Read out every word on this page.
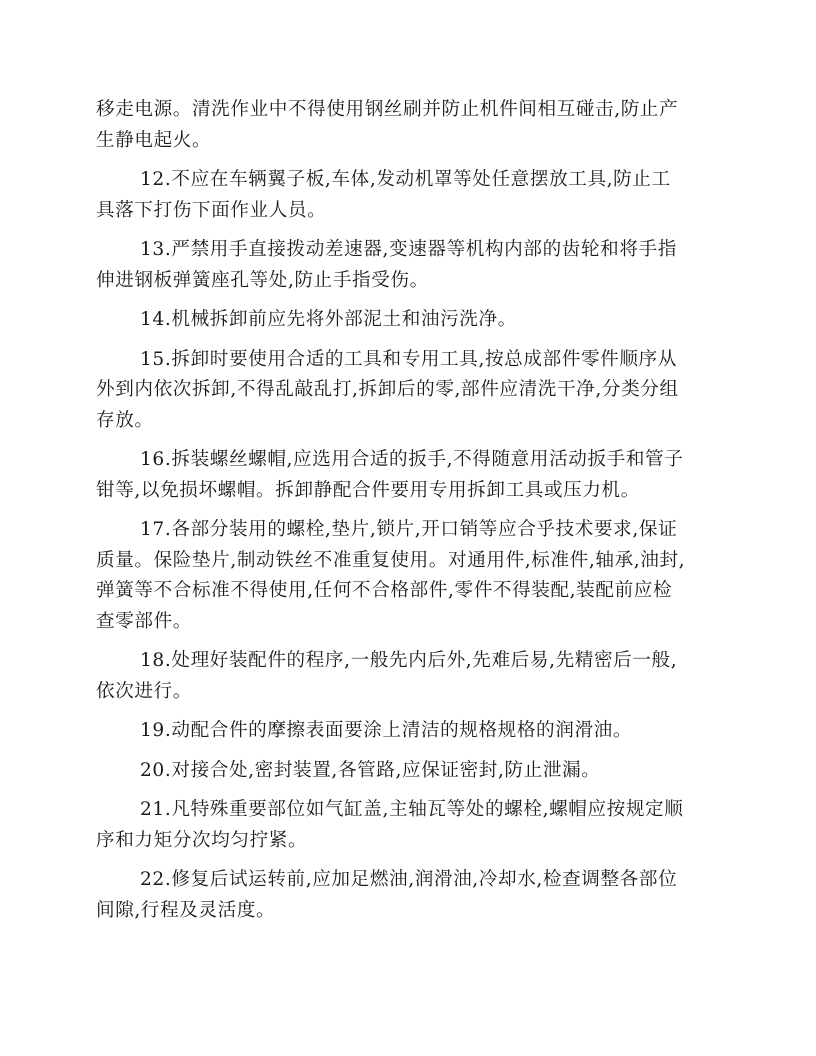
移走电源。清洗作业中不得使用钢丝刷并防止机件间相互碰击,防止产
生静电起火。

12.不应在车辆翼子板,车体,发动机罩等处任意摆放工具,防止工
具落下打伤下面作业人员。

13.严禁用手直接拨动差速器,变速器等机构内部的齿轮和将手指
伸进钢板弹簧座孔等处,防止手指受伤。

14.机械拆卸前应先将外部泥土和油污洗净。

15.拆卸时要使用合适的工具和专用工具,按总成部件零件顺序从
外到内依次拆卸,不得乱敲乱打,拆卸后的零,部件应清洗干净,分类分组
存放。

16.拆装螺丝螺帽,应选用合适的扳手,不得随意用活动扳手和管子
钳等,以免损坏螺帽。拆卸静配合件要用专用拆卸工具或压力机。

17.各部分装用的螺栓,垫片,锁片,开口销等应合乎技术要求,保证
质量。保险垫片,制动铁丝不准重复使用。对通用件,标准件,轴承,油封,
弹簧等不合标准不得使用,任何不合格部件,零件不得装配,装配前应检
查零部件。

18.处理好装配件的程序,一般先内后外,先难后易,先精密后一般,
依次进行。

19.动配合件的摩擦表面要涂上清洁的规格规格的润滑油。

20.对接合处,密封装置,各管路,应保证密封,防止泄漏。

21.凡特殊重要部位如气缸盖,主轴瓦等处的螺栓,螺帽应按规定顺
序和力矩分次均匀拧紧。

22.修复后试运转前,应加足燃油,润滑油,冷却水,检查调整各部位
间隙,行程及灵活度。
